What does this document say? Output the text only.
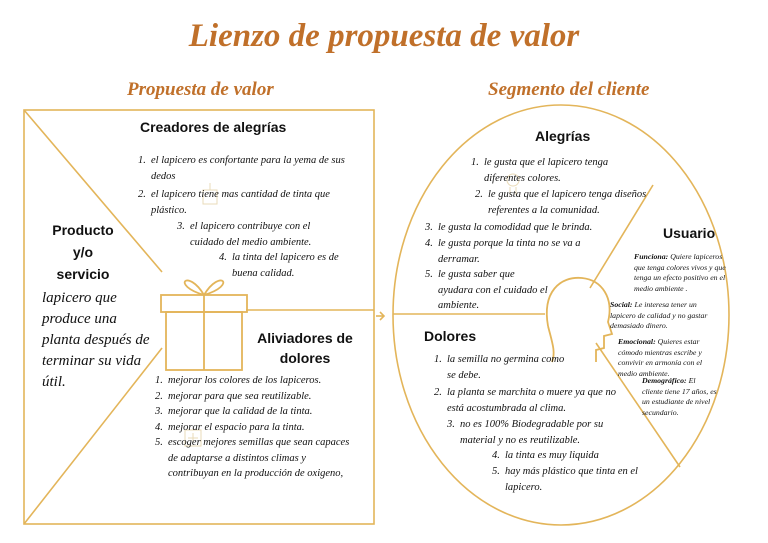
Lienzo de propuesta de valor
Propuesta de valor	Segmento del cliente
Creadores de alegrías
1. el lapicero es confortante para la yema de sus dedos
2. el lapicero tiene mas cantidad de tinta que plástico.
3. el lapicero contribuye con el cuidado del medio ambiente.
4. la tinta del lapicero es de buena calidad.
Producto
y/o
servicio
lapicero que produce una planta después de terminar su vida útil.
Aliviadores de
dolores
1. mejorar los colores de los lapiceros.
2. mejorar para que sea reutilizable.
3. mejorar que la calidad de la tinta.
4. mejorar el espacio para la tinta.
5. escoger mejores semillas que sean capaces de adaptarse a distintos climas y contribuyan en la producción de oxigeno,
Alegrías
1. le gusta que el lapicero tenga diferentes colores.
2. le gusta que el lapicero tenga diseños referentes a la comunidad.
3. le gusta la comodidad que le brinda.
4. le gusta porque la tinta no se va a derramar.
5. le gusta saber que ayudara con el cuidado el ambiente.
Usuario
Funciona: Quiere lapiceros que tenga colores vivos y que tenga un efecto positivo en el medio ambiente .
Social: Le interesa tener un lapicero de calidad y no gastar demasiado dinero.
Emocional: Quieres estar cómodo mientras escribe y convivir en armonía con el medio ambiente.
Demográfico: El cliente tiene 17 años, es un estudiante de nivel secundario.
Dolores
1. la semilla no germina como se debe.
2. la planta se marchita o muere ya que no está acostumbrada al clima.
3. no es 100% Biodegradable por su material y no es reutilizable.
4. la tinta es muy liquida
5. hay más plástico que tinta en el lapicero.
